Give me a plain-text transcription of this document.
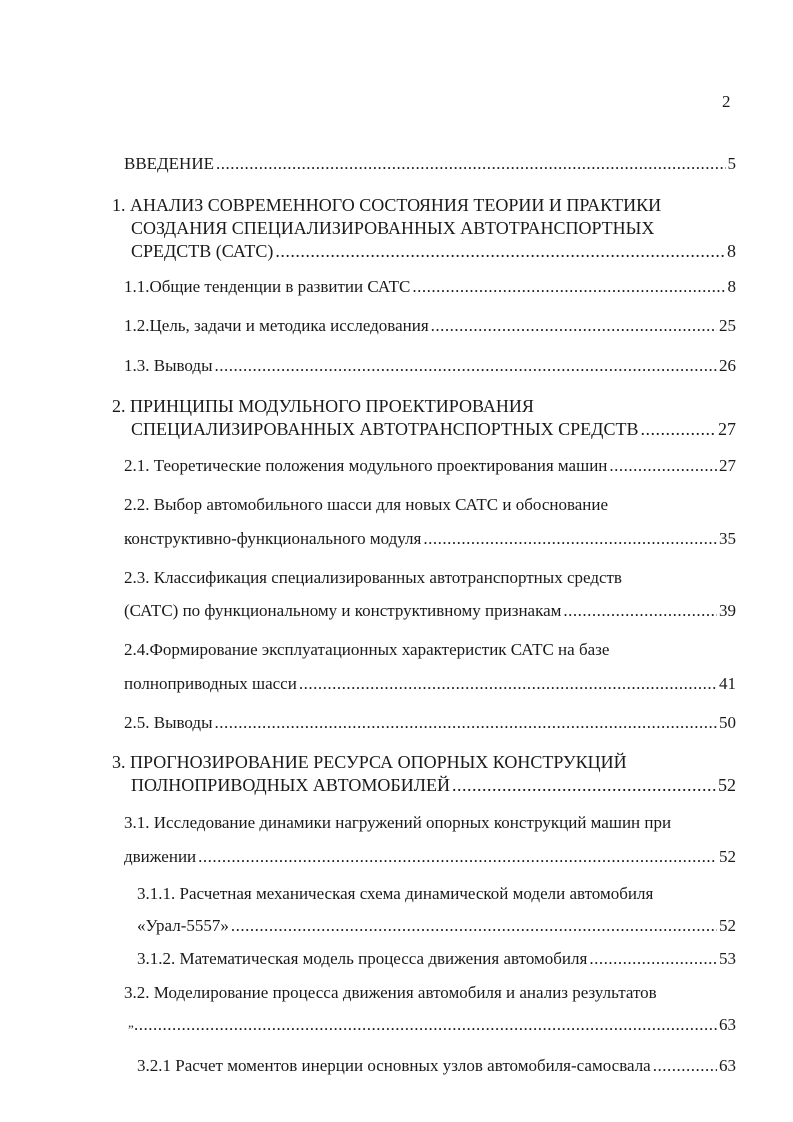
2
ВВЕДЕНИЕ .....	5
1. АНАЛИЗ СОВРЕМЕННОГО СОСТОЯНИЯ ТЕОРИИ И ПРАКТИКИ
СОЗДАНИЯ СПЕЦИАЛИЗИРОВАННЫХ АВТОТРАНСПОРТНЫХ
СРЕДСТВ (САТС) .....	8
1.1.Общие тенденции в развитии САТС .....	8
1.2.Цель, задачи и методика исследования .....	25
1.3. Выводы .....	26
2. ПРИНЦИПЫ МОДУЛЬНОГО ПРОЕКТИРОВАНИЯ
СПЕЦИАЛИЗИРОВАННЫХ АВТОТРАНСПОРТНЫХ СРЕДСТВ .....	27
2.1. Теоретические положения модульного проектирования машин .....	27
2.2. Выбор автомобильного шасси для новых САТС и обоснование
конструктивно-функционального модуля .....	35
2.3. Классификация специализированных автотранспортных средств
(САТС) по функциональному и конструктивному признакам .....	39
2.4.Формирование эксплуатационных характеристик САТС на базе
полноприводных шасси .....	41
2.5. Выводы .....	50
3. ПРОГНОЗИРОВАНИЕ РЕСУРСА ОПОРНЫХ КОНСТРУКЦИЙ
ПОЛНОПРИВОДНЫХ АВТОМОБИЛЕЙ .....	52
3.1. Исследование динамики нагружений опорных конструкций машин при
движении .....	52
3.1.1. Расчетная механическая схема динамической модели автомобиля
«Урал-5557» .....	52
3.1.2. Математическая модель процесса движения автомобиля .....	53
3.2. Моделирование процесса движения автомобиля и анализ результатов
„ .....	63
3.2.1 Расчет моментов инерции основных узлов автомобиля-самосвала .....	63
